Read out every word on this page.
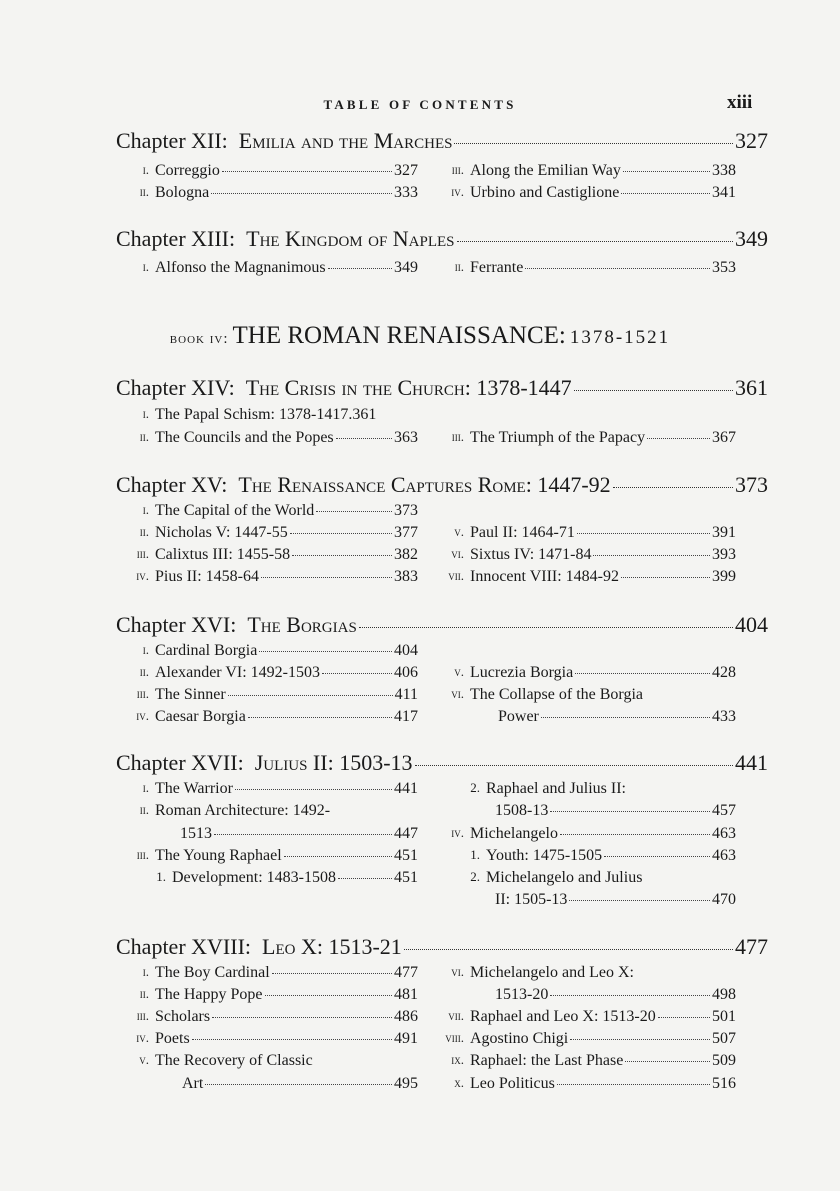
TABLE OF CONTENTS	xiii
Chapter XII: Emilia and the Marches	327
i. Correggio	327
ii. Bologna	333
iii. Along the Emilian Way	338
iv. Urbino and Castiglione	341
Chapter XIII: The Kingdom of Naples	349
i. Alfonso the Magnanimous	349	ii. Ferrante	353
book iv: THE ROMAN RENAISSANCE: 1378-1521
Chapter XIV: The Crisis in the Church: 1378-1447	361
i. The Papal Schism: 1378-1417.361
ii. The Councils and the Popes	363	iii. The Triumph of the Papacy	367
Chapter XV: The Renaissance Captures Rome: 1447-92	373
i. The Capital of the World	373
ii. Nicholas V: 1447-55	377
iii. Calixtus III: 1455-58	382
iv. Pius II: 1458-64	383
v. Paul II: 1464-71	391
vi. Sixtus IV: 1471-84	393
vii. Innocent VIII: 1484-92	399
Chapter XVI: The Borgias	404
i. Cardinal Borgia	404
ii. Alexander VI: 1492-1503	406
iii. The Sinner	411
iv. Caesar Borgia	417
v. Lucrezia Borgia	428
vi. The Collapse of the Borgia
Power	433
Chapter XVII: Julius II: 1503-13	441
i. The Warrior	441
ii. Roman Architecture: 1492-
1513	447
iii. The Young Raphael	451
1. Development: 1483-1508	451
2. Raphael and Julius II:
1508-13	457
iv. Michelangelo	463
1. Youth: 1475-1505	463
2. Michelangelo and Julius
II: 1505-13	470
Chapter XVIII: Leo X: 1513-21	477
i. The Boy Cardinal	477
ii. The Happy Pope	481
iii. Scholars	486
iv. Poets	491
v. The Recovery of Classic
Art	495
vi. Michelangelo and Leo X:
1513-20	498
vii. Raphael and Leo X: 1513-20	501
viii. Agostino Chigi	507
ix. Raphael: the Last Phase	509
x. Leo Politicus	516
